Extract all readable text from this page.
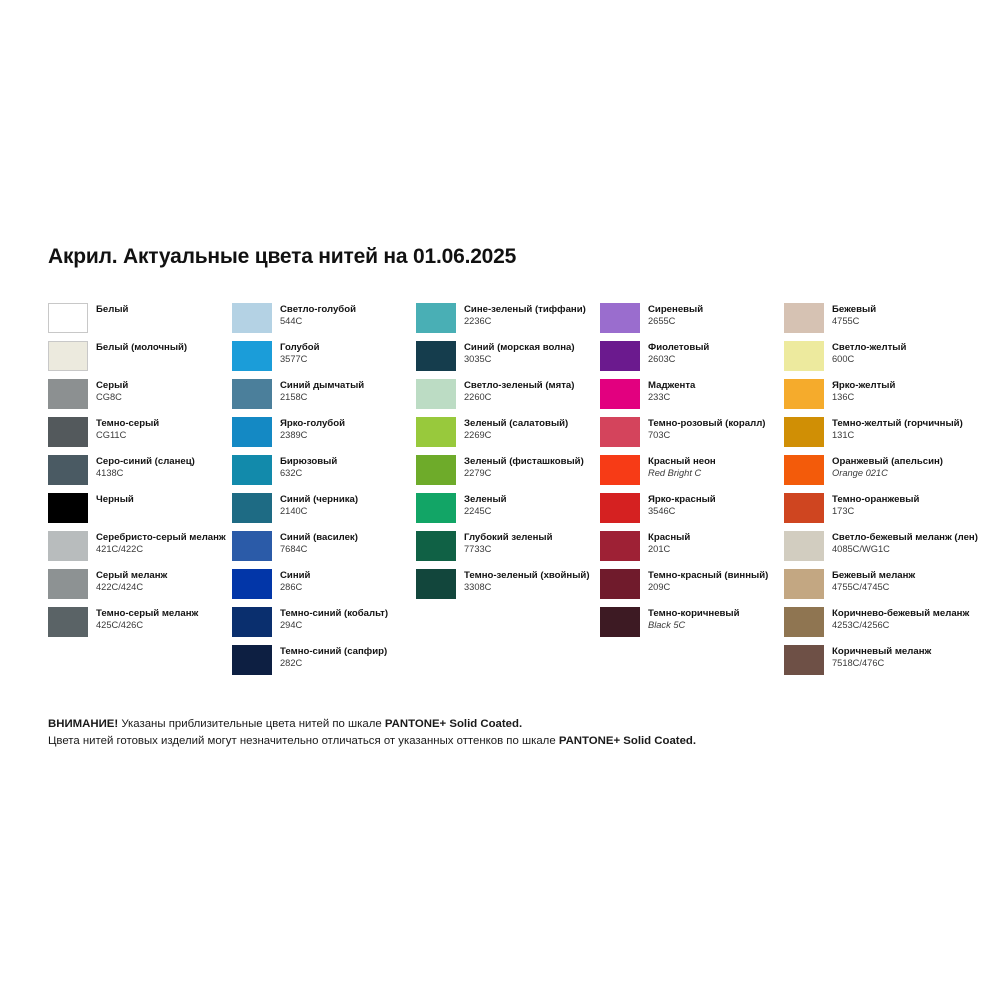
Акрил. Актуальные цвета нитей на 01.06.2025
Белый
Белый (молочный)
Серый
CG8C
Темно-серый
CG11C
Серо-синий (сланец)
4138C
Черный
Серебристо-серый меланж
421C/422C
Серый меланж
422C/424C
Темно-серый меланж
425C/426C
Светло-голубой
544C
Голубой
3577C
Синий дымчатый
2158C
Ярко-голубой
2389C
Бирюзовый
632C
Синий (черника)
2140C
Синий (василек)
7684C
Синий
286C
Темно-синий (кобальт)
294C
Темно-синий (сапфир)
282C
Сине-зеленый (тиффани)
2236C
Синий (морская волна)
3035C
Светло-зеленый (мята)
2260C
Зеленый (салатовый)
2269C
Зеленый (фисташковый)
2279C
Зеленый
2245C
Глубокий зеленый
7733C
Темно-зеленый (хвойный)
3308C
Сиреневый
2655C
Фиолетовый
2603C
Маджента
233C
Темно-розовый (коралл)
703C
Красный неон
Red Bright C
Ярко-красный
3546C
Красный
201C
Темно-красный (винный)
209C
Темно-коричневый
Black 5C
Бежевый
4755C
Светло-желтый
600C
Ярко-желтый
136C
Темно-желтый (горчичный)
131C
Оранжевый (апельсин)
Orange 021C
Темно-оранжевый
173C
Светло-бежевый меланж (лен)
4085C/WG1C
Бежевый меланж
4755C/4745C
Коричнево-бежевый меланж
4253C/4256C
Коричневый меланж
7518C/476C
ВНИМАНИЕ! Указаны приблизительные цвета нитей по шкале PANTONE+ Solid Coated.
Цвета нитей готовых изделий могут незначительно отличаться от указанных оттенков по шкале PANTONE+ Solid Coated.
